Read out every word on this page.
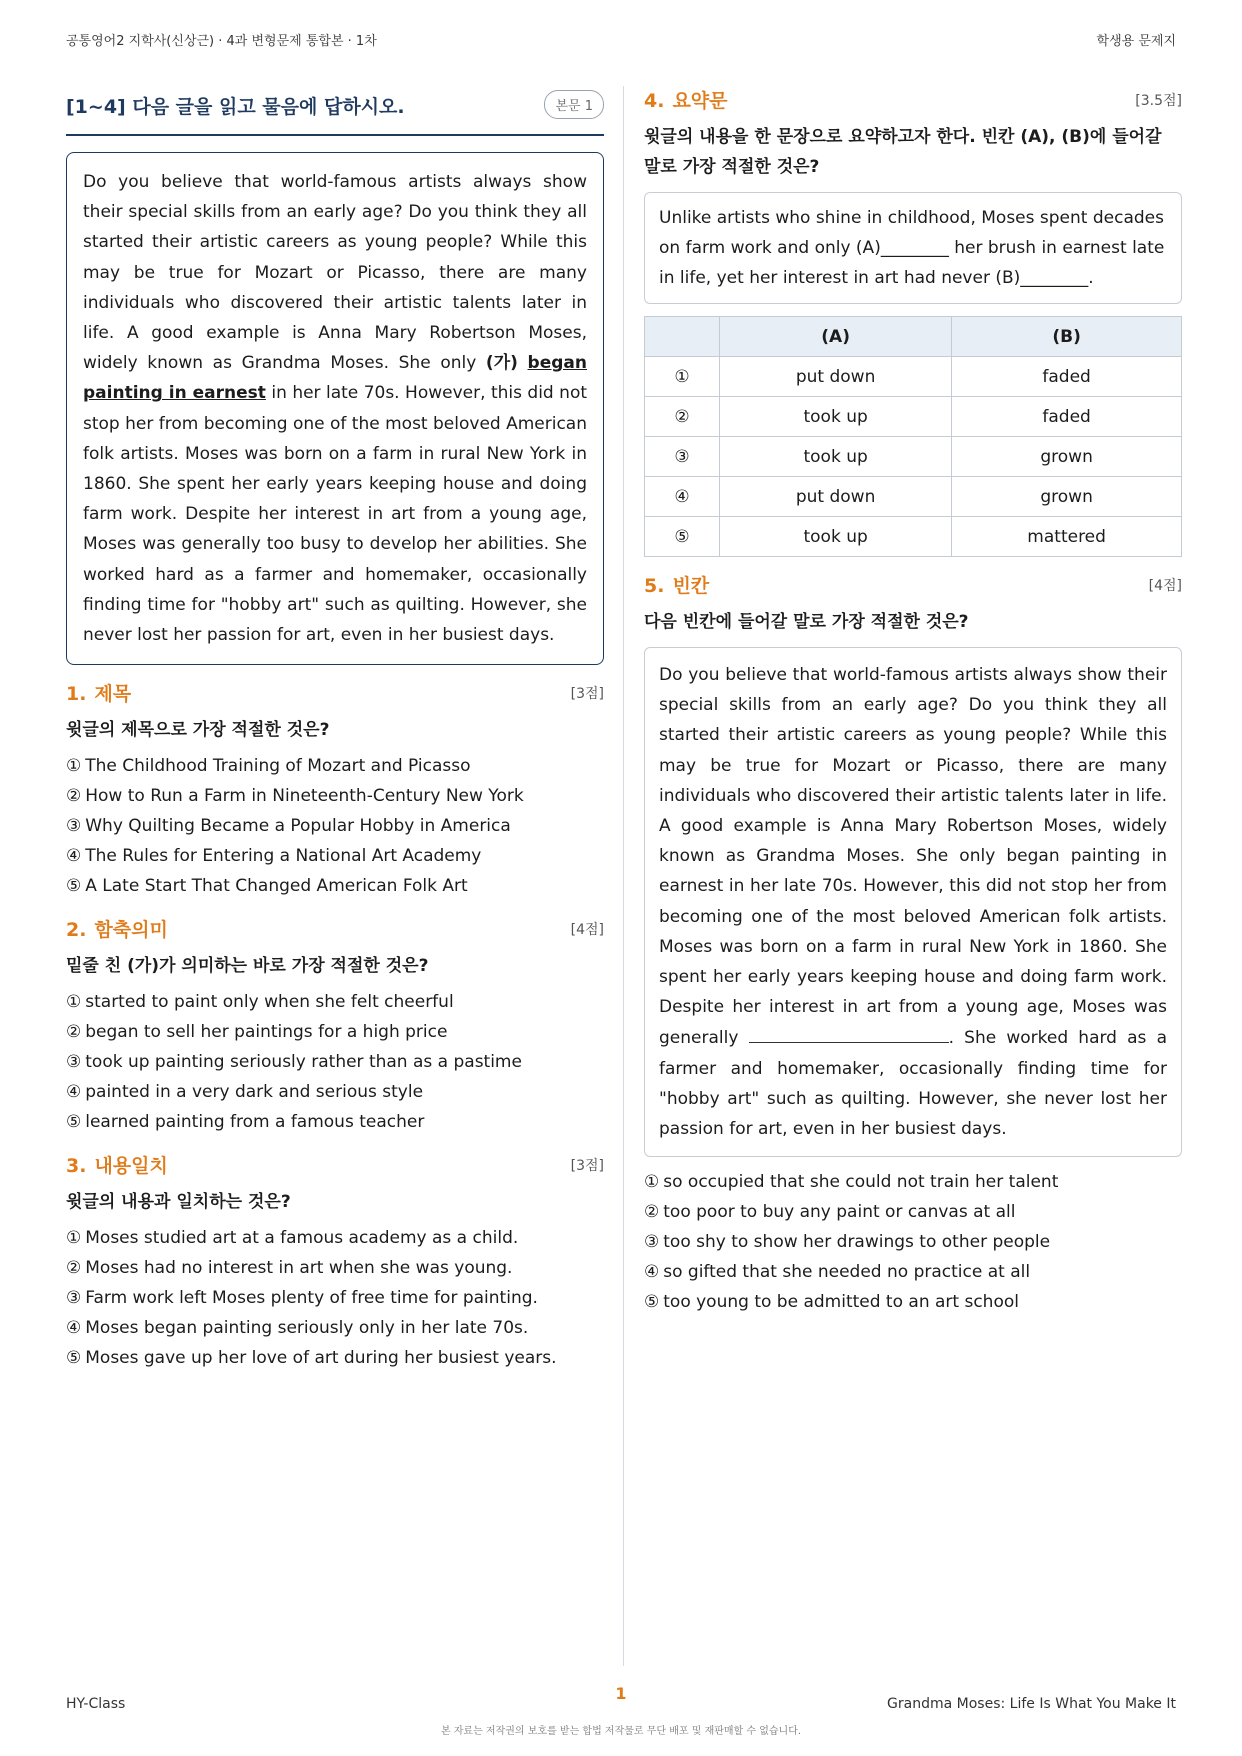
공통영어2 지학사(신상근) · 4과 변형문제 통합본 · 1차	학생용 문제지
[1~4] 다음 글을 읽고 물음에 답하시오.	본문 1
Do you believe that world-famous artists always show their special skills from an early age? Do you think they all started their artistic careers as young people? While this may be true for Mozart or Picasso, there are many individuals who discovered their artistic talents later in life. A good example is Anna Mary Robertson Moses, widely known as Grandma Moses. She only (가) began painting in earnest in her late 70s. However, this did not stop her from becoming one of the most beloved American folk artists. Moses was born on a farm in rural New York in 1860. She spent her early years keeping house and doing farm work. Despite her interest in art from a young age, Moses was generally too busy to develop her abilities. She worked hard as a farmer and homemaker, occasionally finding time for "hobby art" such as quilting. However, she never lost her passion for art, even in her busiest days.
1. 제목	[3점]
윗글의 제목으로 가장 적절한 것은?
① The Childhood Training of Mozart and Picasso
② How to Run a Farm in Nineteenth-Century New York
③ Why Quilting Became a Popular Hobby in America
④ The Rules for Entering a National Art Academy
⑤ A Late Start That Changed American Folk Art
2. 함축의미	[4점]
밑줄 친 (가)가 의미하는 바로 가장 적절한 것은?
① started to paint only when she felt cheerful
② began to sell her paintings for a high price
③ took up painting seriously rather than as a pastime
④ painted in a very dark and serious style
⑤ learned painting from a famous teacher
3. 내용일치	[3점]
윗글의 내용과 일치하는 것은?
① Moses studied art at a famous academy as a child.
② Moses had no interest in art when she was young.
③ Farm work left Moses plenty of free time for painting.
④ Moses began painting seriously only in her late 70s.
⑤ Moses gave up her love of art during her busiest years.
4. 요약문	[3.5점]
윗글의 내용을 한 문장으로 요약하고자 한다. 빈칸 (A), (B)에 들어갈 말로 가장 적절한 것은?
Unlike artists who shine in childhood, Moses spent decades on farm work and only (A)________ her brush in earnest late in life, yet her interest in art had never (B)________.
	(A)	(B)
①	put down	faded
②	took up	faded
③	took up	grown
④	put down	grown
⑤	took up	mattered
5. 빈칸	[4점]
다음 빈칸에 들어갈 말로 가장 적절한 것은?
Do you believe that world-famous artists always show their special skills from an early age? Do you think they all started their artistic careers as young people? While this may be true for Mozart or Picasso, there are many individuals who discovered their artistic talents later in life. A good example is Anna Mary Robertson Moses, widely known as Grandma Moses. She only began painting in earnest in her late 70s. However, this did not stop her from becoming one of the most beloved American folk artists. Moses was born on a farm in rural New York in 1860. She spent her early years keeping house and doing farm work. Despite her interest in art from a young age, Moses was generally	. She worked hard as a farmer and homemaker, occasionally finding time for "hobby art" such as quilting. However, she never lost her passion for art, even in her busiest days.
① so occupied that she could not train her talent
② too poor to buy any paint or canvas at all
③ too shy to show her drawings to other people
④ so gifted that she needed no practice at all
⑤ too young to be admitted to an art school
HY-Class
1
Grandma Moses: Life Is What You Make It
본 자료는 저작권의 보호를 받는 합법 저작물로 무단 배포 및 재판매할 수 없습니다.
